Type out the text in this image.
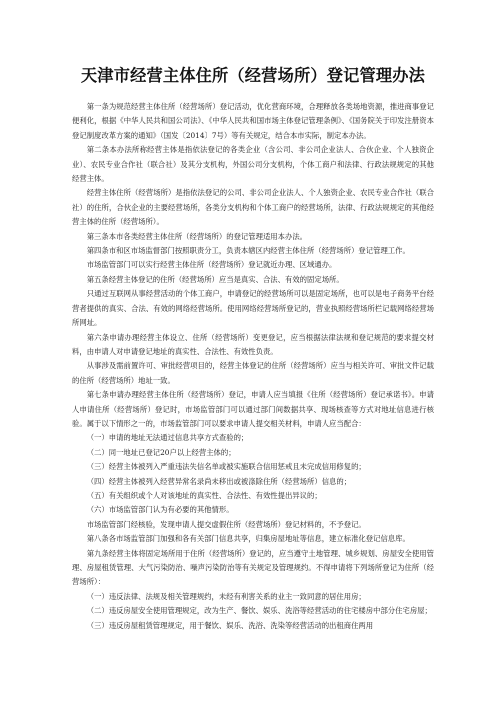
天津市经营主体住所（经营场所）登记管理办法

第一条为规范经营主体住所（经营场所）登记活动，优化营商环境，合理释放各类场地资源，推进商事登记便利化，根据《中华人民共和国公司法》、《中华人民共和国市场主体登记管理条例》、《国务院关于印发注册资本登记制度改革方案的通知》（国发〔2014〕7号）等有关规定，结合本市实际，制定本办法。

第二条本办法所称经营主体是指依法登记的各类企业（含公司、非公司企业法人、合伙企业、个人独资企业）、农民专业合作社（联合社）及其分支机构，外国公司分支机构，个体工商户和法律、行政法规规定的其他经营主体。

经营主体住所（经营场所）是指依法登记的公司、非公司企业法人、个人独资企业、农民专业合作社（联合社）的住所，合伙企业的主要经营场所，各类分支机构和个体工商户的经营场所，法律、行政法规规定的其他经营主体的住所（经营场所）。

第三条本市各类经营主体住所（经营场所）的登记管理适用本办法。

第四条市和区市场监督部门按照职责分工，负责本辖区内经营主体住所（经营场所）登记管理工作。

市场监管部门可以实行经营主体住所（经营场所）登记就近办理、区域通办。

第五条经营主体登记的住所（经营场所）应当是真实、合法、有效的固定场所。

只通过互联网从事经营活动的个体工商户，申请登记的经营场所可以是固定场所，也可以是电子商务平台经营者提供的真实、合法、有效的网络经营场所。使用网络经营场所登记的，营业执照经营场所栏记载网络经营场所网址。

第六条申请办理经营主体设立、住所（经营场所）变更登记，应当根据法律法规和登记规范的要求提交材料，由申请人对申请登记地址的真实性、合法性、有效性负责。

从事涉及需前置许可、审批经营项目的，经营主体登记的住所（经营场所）应当与相关许可、审批文件记载的住所（经营场所）地址一致。

第七条申请办理经营主体住所（经营场所）登记，申请人应当填报《住所（经营场所）登记承诺书》。申请人申请住所（经营场所）登记时，市场监管部门可以通过部门间数据共享、现场核查等方式对地址信息进行核验。属于以下情形之一的，市场监管部门可以要求申请人提交相关材料，申请人应当配合：

（一）申请的地址无法通过信息共享方式查验的；

（二）同一地址已登记20户以上经营主体的；

（三）经营主体被列入严重违法失信名单或被实施联合信用惩戒且未完成信用修复的；

（四）经营主体被列入经营异常名录尚未移出或被涤除住所（经营场所）信息的；

（五）有关组织或个人对该地址的真实性、合法性、有效性提出异议的；

（六）市场监管部门认为有必要的其他情形。

市场监管部门经核验，发现申请人提交虚假住所（经营场所）登记材料的，不予登记。

第八条各市场监管部门加强和各有关部门信息共享，归集房屋地址等信息，建立标准化登记信息库。

第九条经营主体将固定场所用于住所（经营场所）登记的，应当遵守土地管理、城乡规划、房屋安全使用管理、房屋租赁管理、大气污染防治、噪声污染防治等有关规定及管理规约。不得申请将下列场所登记为住所（经营场所）：

（一）违反法律、法规及相关管理规约，未经有利害关系的业主一致同意的居住用房；

（二）违反房屋安全使用管理规定，改为生产、餐饮、娱乐、洗浴等经营活动的住宅楼房中部分住宅房屋；

（三）违反房屋租赁管理规定，用于餐饮、娱乐、洗浴、洗染等经营活动的出租商住两用
